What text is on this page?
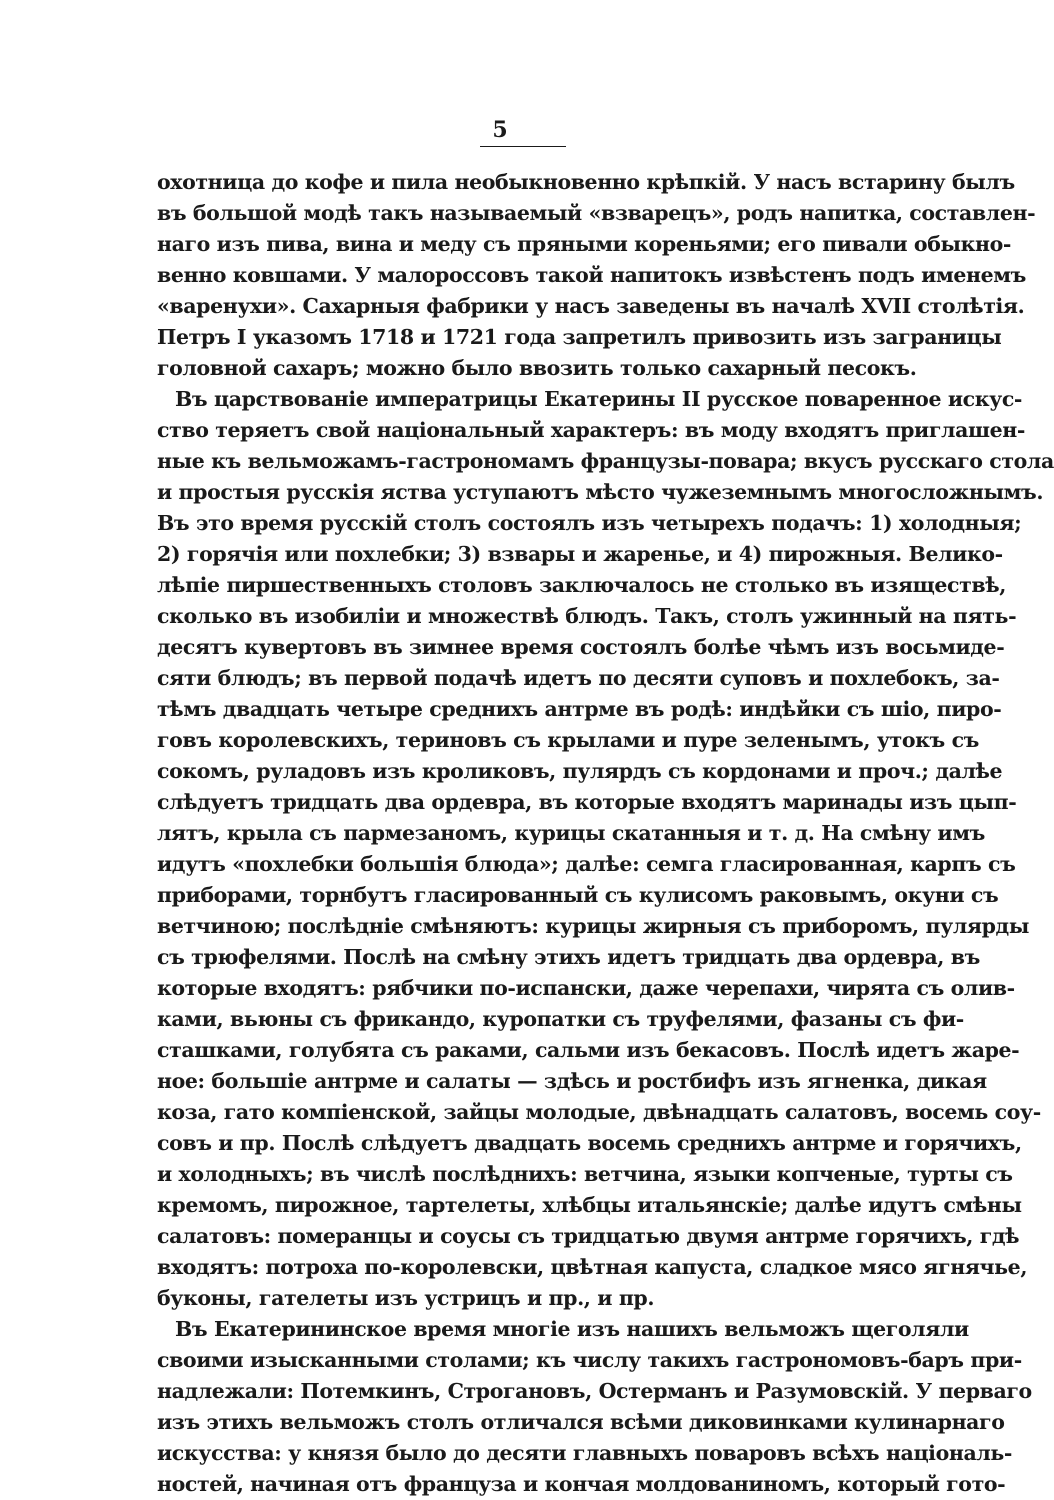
5
охотница до кофе и пила необыкновенно крѣпкій. У насъ встарину былъ
въ большой модѣ такъ называемый «взварецъ», родъ напитка, составлен-
наго изъ пива, вина и меду съ пряными кореньями; его пивали обыкно-
венно ковшами. У малороссовъ такой напитокъ извѣстенъ подъ именемъ
«варенухи». Сахарныя фабрики у насъ заведены въ началѣ XVII столѣтія.
Петръ I указомъ 1718 и 1721 года запретилъ привозить изъ заграницы
головной сахаръ; можно было ввозить только сахарный песокъ.
Въ царствованіе императрицы Екатерины II русское поваренное искус-
ство теряетъ свой національный характеръ: въ моду входятъ приглашен-
ные къ вельможамъ-гастрономамъ французы-повара; вкусъ русскаго стола
и простыя русскія яства уступаютъ мѣсто чужеземнымъ многосложнымъ.
Въ это время русскій столъ состоялъ изъ четырехъ подачъ: 1) холодныя;
2) горячія или похлебки; 3) взвары и жаренье, и 4) пирожныя. Велико-
лѣпіе пиршественныхъ столовъ заключалось не столько въ изяществѣ,
сколько въ изобиліи и множествѣ блюдъ. Такъ, столъ ужинный на пять-
десятъ кувертовъ въ зимнее время состоялъ болѣе чѣмъ изъ восьмиде-
сяти блюдъ; въ первой подачѣ идетъ по десяти суповъ и похлебокъ, за-
тѣмъ двадцать четыре среднихъ антрме въ родѣ: индѣйки съ шіо, пиро-
говъ королевскихъ, териновъ съ крылами и пуре зеленымъ, утокъ съ
сокомъ, руладовъ изъ кроликовъ, пулярдъ съ кордонами и проч.; далѣе
слѣдуетъ тридцать два ордевра, въ которые входятъ маринады изъ цып-
лятъ, крыла съ пармезаномъ, курицы скатанныя и т. д. На смѣну имъ
идутъ «похлебки большія блюда»; далѣе: семга гласированная, карпъ съ
приборами, торнбутъ гласированный съ кулисомъ раковымъ, окуни съ
ветчиною; послѣдніе смѣняютъ: курицы жирныя съ приборомъ, пулярды
съ трюфелями. Послѣ на смѣну этихъ идетъ тридцать два ордевра, въ
которые входятъ: рябчики по-испански, даже черепахи, чирята съ олив-
ками, вьюны съ фрикандо, куропатки съ труфелями, фазаны съ фи-
сташками, голубята съ раками, сальми изъ бекасовъ. Послѣ идетъ жаре-
ное: большіе антрме и салаты — здѣсь и ростбифъ изъ ягненка, дикая
коза, гато компіенской, зайцы молодые, двѣнадцать салатовъ, восемь соу-
совъ и пр. Послѣ слѣдуетъ двадцать восемь среднихъ антрме и горячихъ,
и холодныхъ; въ числѣ послѣднихъ: ветчина, языки копченые, турты съ
кремомъ, пирожное, тартелеты, хлѣбцы итальянскіе; далѣе идутъ смѣны
салатовъ: померанцы и соусы съ тридцатью двумя антрме горячихъ, гдѣ
входятъ: потроха по-королевски, цвѣтная капуста, сладкое мясо ягнячье,
буконы, гателеты изъ устрицъ и пр., и пр.
Въ Екатерининское время многіе изъ нашихъ вельможъ щеголяли
своими изысканными столами; къ числу такихъ гастрономовъ-баръ при-
надлежали: Потемкинъ, Строгановъ, Остерманъ и Разумовскій. У перваго
изъ этихъ вельможъ столъ отличался всѣми диковинками кулинарнаго
искусства: у князя было до десяти главныхъ поваровъ всѣхъ національ-
ностей, начиная отъ француза и кончая молдованиномъ, который гото-
